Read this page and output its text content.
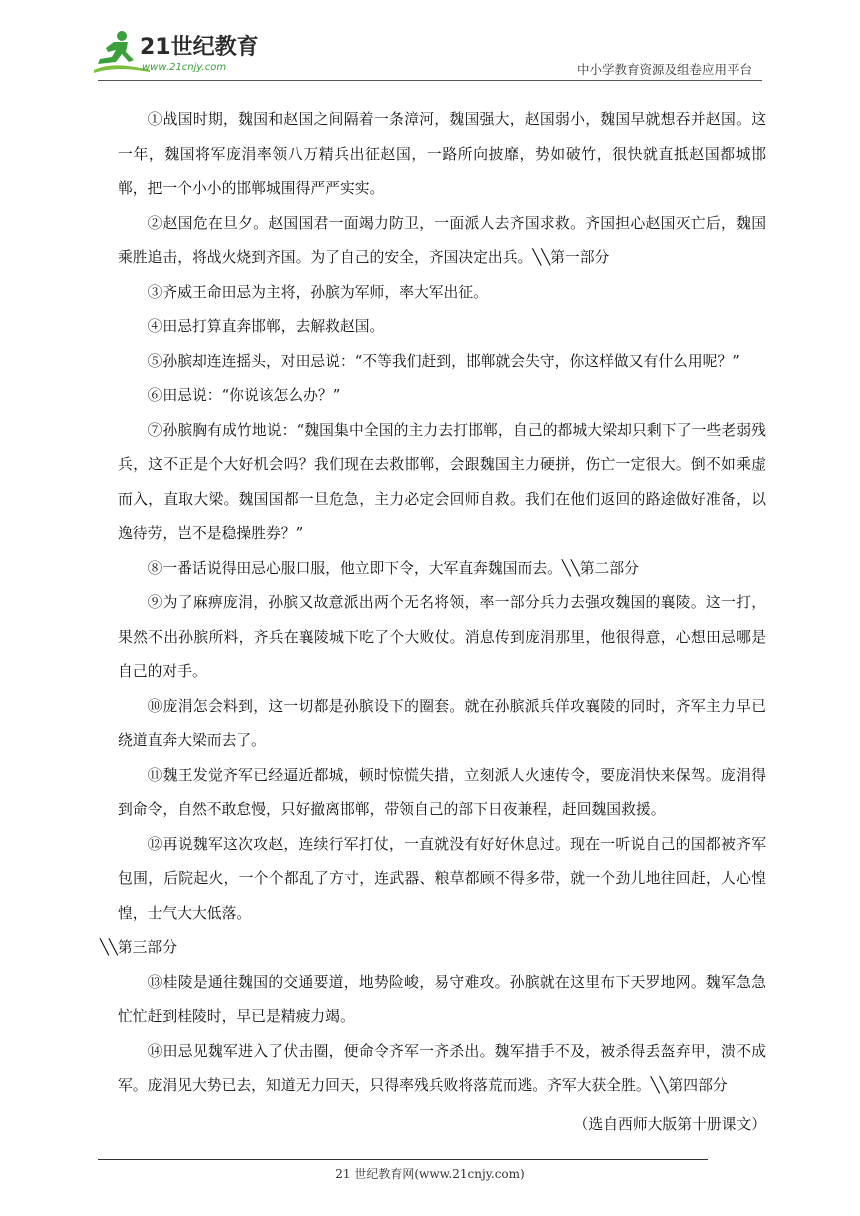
21世纪教育
www.21cnjy.com	中小学教育资源及组卷应用平台

①战国时期，魏国和赵国之间隔着一条漳河，魏国强大，赵国弱小，魏国早就想吞并赵国。这一年，魏国将军庞涓率领八万精兵出征赵国，一路所向披靡，势如破竹，很快就直抵赵国都城邯郸，把一个小小的邯郸城围得严严实实。

②赵国危在旦夕。赵国国君一面竭力防卫，一面派人去齐国求救。齐国担心赵国灭亡后，魏国乘胜追击，将战火烧到齐国。为了自己的安全，齐国决定出兵。╲╲第一部分

③齐威王命田忌为主将，孙膑为军师，率大军出征。

④田忌打算直奔邯郸，去解救赵国。

⑤孙膑却连连摇头，对田忌说：“不等我们赶到，邯郸就会失守，你这样做又有什么用呢？”

⑥田忌说：“你说该怎么办？”

⑦孙膑胸有成竹地说：“魏国集中全国的主力去打邯郸，自己的都城大梁却只剩下了一些老弱残兵，这不正是个大好机会吗？我们现在去救邯郸，会跟魏国主力硬拼，伤亡一定很大。倒不如乘虚而入，直取大梁。魏国国都一旦危急，主力必定会回师自救。我们在他们返回的路途做好准备，以逸待劳，岂不是稳操胜券？”

⑧一番话说得田忌心服口服，他立即下令，大军直奔魏国而去。╲╲第二部分

⑨为了麻痹庞涓，孙膑又故意派出两个无名将领，率一部分兵力去强攻魏国的襄陵。这一打，果然不出孙膑所料，齐兵在襄陵城下吃了个大败仗。消息传到庞涓那里，他很得意，心想田忌哪是自己的对手。

⑩庞涓怎会料到，这一切都是孙膑设下的圈套。就在孙膑派兵佯攻襄陵的同时，齐军主力早已绕道直奔大梁而去了。

⑪魏王发觉齐军已经逼近都城，顿时惊慌失措，立刻派人火速传令，要庞涓快来保驾。庞涓得到命令，自然不敢怠慢，只好撤离邯郸，带领自己的部下日夜兼程，赶回魏国救援。

⑫再说魏军这次攻赵，连续行军打仗，一直就没有好好休息过。现在一听说自己的国都被齐军包围，后院起火，一个个都乱了方寸，连武器、粮草都顾不得多带，就一个劲儿地往回赶，人心惶惶，士气大大低落。

╲╲第三部分

⑬桂陵是通往魏国的交通要道，地势险峻，易守难攻。孙膑就在这里布下天罗地网。魏军急急忙忙赶到桂陵时，早已是精疲力竭。

⑭田忌见魏军进入了伏击圈，便命令齐军一齐杀出。魏军措手不及，被杀得丢盔弃甲，溃不成军。庞涓见大势已去，知道无力回天，只得率残兵败将落荒而逃。齐军大获全胜。╲╲第四部分

（选自西师大版第十册课文）
21 世纪教育网(www.21cnjy.com)
